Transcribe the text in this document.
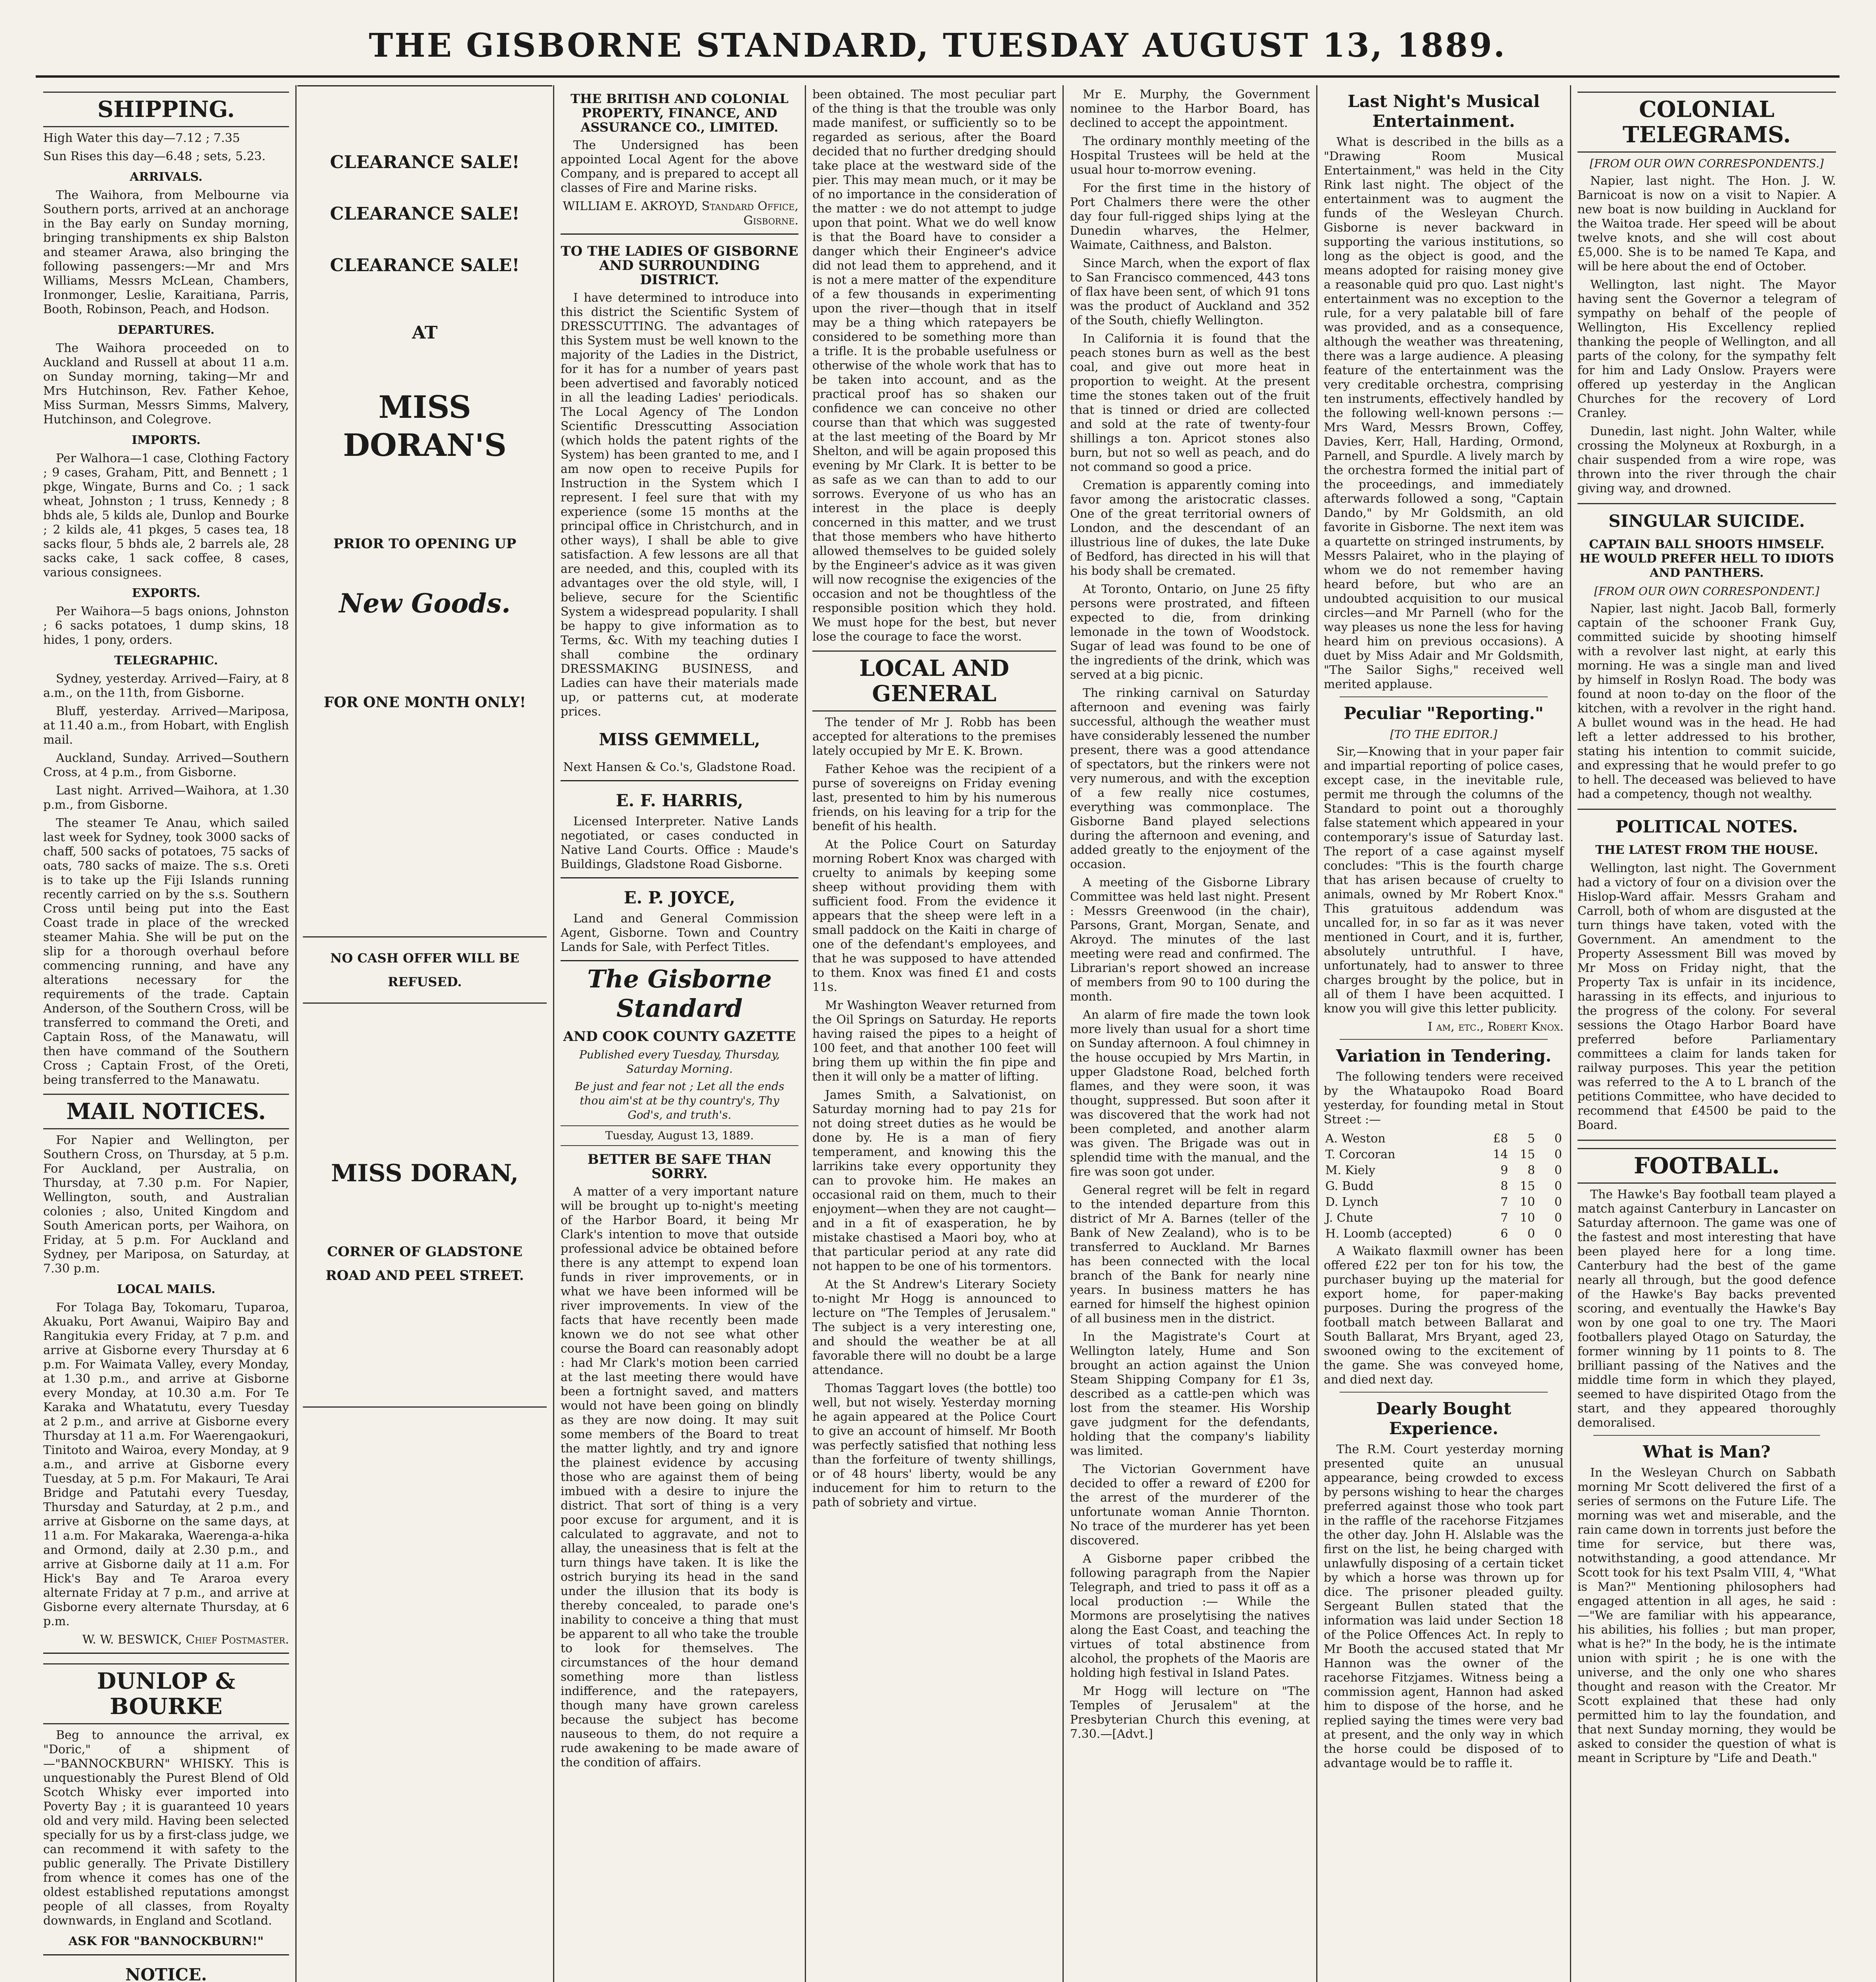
THE GISBORNE STANDARD, TUESDAY AUGUST 13, 1889.
SHIPPING.

High Water this day—7.12 ; 7.35

Sun Rises this day—6.48 ; sets, 5.23.

ARRIVALS.

The Waihora, from Melbourne via Southern ports, arrived at an anchorage in the Bay early on Sunday morning, bringing transhipments ex ship Balston and steamer Arawa, also bringing the following passengers:—Mr and Mrs Williams, Messrs McLean, Chambers, Ironmonger, Leslie, Karaitiana, Parris, Booth, Robinson, Peach, and Hodson.

DEPARTURES.

The Waihora proceeded on to Auckland and Russell at about 11 a.m. on Sunday morning, taking—Mr and Mrs Hutchinson, Rev. Father Kehoe, Miss Surman, Messrs Simms, Malvery, Hutchinson, and Colegrove.

IMPORTS.

Per Walhora—1 case, Clothing Factory ; 9 cases, Graham, Pitt, and Bennett ; 1 pkge, Wingate, Burns and Co. ; 1 sack wheat, Johnston ; 1 truss, Kennedy ; 8 bhds ale, 5 kilds ale, Dunlop and Bourke ; 2 kilds ale, 41 pkges, 5 cases tea, 18 sacks flour, 5 bhds ale, 2 barrels ale, 28 sacks cake, 1 sack coffee, 8 cases, various consignees.

EXPORTS.

Per Waihora—5 bags onions, Johnston ; 6 sacks potatoes, 1 dump skins, 18 hides, 1 pony, orders.

TELEGRAPHIC.

Sydney, yesterday. Arrived—Fairy, at 8 a.m., on the 11th, from Gisborne.

Bluff, yesterday. Arrived—Mariposa, at 11.40 a.m., from Hobart, with English mail.

Auckland, Sunday. Arrived—Southern Cross, at 4 p.m., from Gisborne.

Last night. Arrived—Waihora, at 1.30 p.m., from Gisborne.

The steamer Te Anau, which sailed last week for Sydney, took 3000 sacks of chaff, 500 sacks of potatoes, 75 sacks of oats, 780 sacks of maize. The s.s. Oreti is to take up the Fiji Islands running recently carried on by the s.s. Southern Cross until being put into the East Coast trade in place of the wrecked steamer Mahia. She will be put on the slip for a thorough overhaul before commencing running, and have any alterations necessary for the requirements of the trade. Captain Anderson, of the Southern Cross, will be transferred to command the Oreti, and Captain Ross, of the Manawatu, will then have command of the Southern Cross ; Captain Frost, of the Oreti, being transferred to the Manawatu.

MAIL NOTICES.

For Napier and Wellington, per Southern Cross, on Thursday, at 5 p.m. For Auckland, per Australia, on Thursday, at 7.30 p.m. For Napier, Wellington, south, and Australian colonies ; also, United Kingdom and South American ports, per Waihora, on Friday, at 5 p.m. For Auckland and Sydney, per Mariposa, on Saturday, at 7.30 p.m.

LOCAL MAILS.

For Tolaga Bay, Tokomaru, Tuparoa, Akuaku, Port Awanui, Waipiro Bay and Rangitukia every Friday, at 7 p.m. and arrive at Gisborne every Thursday at 6 p.m. For Waimata Valley, every Monday, at 1.30 p.m., and arrive at Gisborne every Monday, at 10.30 a.m. For Te Karaka and Whatatutu, every Tuesday at 2 p.m., and arrive at Gisborne every Thursday at 11 a.m. For Waerengaokuri, Tinitoto and Wairoa, every Monday, at 9 a.m., and arrive at Gisborne every Tuesday, at 5 p.m. For Makauri, Te Arai Bridge and Patutahi every Tuesday, Thursday and Saturday, at 2 p.m., and arrive at Gisborne on the same days, at 11 a.m. For Makaraka, Waerenga-a-hika and Ormond, daily at 2.30 p.m., and arrive at Gisborne daily at 11 a.m. For Hick's Bay and Te Araroa every alternate Friday at 7 p.m., and arrive at Gisborne every alternate Thursday, at 6 p.m.

W. W. BESWICK, Chief Postmaster.
DUNLOP & BOURKE

Beg to announce the arrival, ex "Doric," of a shipment of—"BANNOCKBURN" WHISKY. This is unquestionably the Purest Blend of Old Scotch Whisky ever imported into Poverty Bay ; it is guaranteed 10 years old and very mild. Having been selected specially for us by a first-class judge, we can recommend it with safety to the public generally. The Private Distillery from whence it comes has one of the oldest established reputations amongst people of all classes, from Royalty downwards, in England and Scotland.

ASK FOR "BANNOCKBURN!"
NOTICE.

CLEARANCE SALE!
CLEARANCE SALE!
CLEARANCE SALE!
AT
MISS DORAN'S
PRIOR TO OPENING UP
New Goods.
FOR ONE MONTH ONLY!
NO CASH OFFER WILL BE REFUSED.
MISS DORAN,
CORNER OF GLADSTONE ROAD AND PEEL STREET.
THE BRITISH AND COLONIAL PROPERTY, FINANCE, AND ASSURANCE CO., LIMITED.

The Undersigned has been appointed Local Agent for the above Company, and is prepared to accept all classes of Fire and Marine risks.

WILLIAM E. AKROYD, Standard Office, Gisborne.
TO THE LADIES OF GISBORNE AND SURROUNDING DISTRICT.

I have determined to introduce into this district the Scientific System of DRESSCUTTING. The advantages of this System must be well known to the majority of the Ladies in the District, for it has for a number of years past been advertised and favorably noticed in all the leading Ladies' periodicals. The Local Agency of The London Scientific Dresscutting Association (which holds the patent rights of the System) has been granted to me, and I am now open to receive Pupils for Instruction in the System which I represent. I feel sure that with my experience (some 15 months at the principal office in Christchurch, and in other ways), I shall be able to give satisfaction. A few lessons are all that are needed, and this, coupled with its advantages over the old style, will, I believe, secure for the Scientific System a widespread popularity. I shall be happy to give information as to Terms, &c. With my teaching duties I shall combine the ordinary DRESSMAKING BUSINESS, and Ladies can have their materials made up, or patterns cut, at moderate prices.

MISS GEMMELL,

Next Hansen & Co.'s, Gladstone Road.

E. F. HARRIS,

Licensed Interpreter. Native Lands negotiated, or cases conducted in Native Land Courts. Office : Maude's Buildings, Gladstone Road Gisborne.

E. P. JOYCE,

Land and General Commission Agent, Gisborne. Town and Country Lands for Sale, with Perfect Titles.

The Gisborne Standard
AND COOK COUNTY GAZETTE
Published every Tuesday, Thursday, Saturday Morning.
Be just and fear not ; Let all the ends thou aim'st at be thy country's, Thy God's, and truth's.
Tuesday, August 13, 1889.
BETTER BE SAFE THAN SORRY.

A matter of a very important nature will be brought up to-night's meeting of the Harbor Board, it being Mr Clark's intention to move that outside professional advice be obtained before there is any attempt to expend loan funds in river improvements, or in what we have been informed will be river improvements. In view of the facts that have recently been made known we do not see what other course the Board can reasonably adopt : had Mr Clark's motion been carried at the last meeting there would have been a fortnight saved, and matters would not have been going on blindly as they are now doing. It may suit some members of the Board to treat the matter lightly, and try and ignore the plainest evidence by accusing those who are against them of being imbued with a desire to injure the district. That sort of thing is a very poor excuse for argument, and it is calculated to aggravate, and not to allay, the uneasiness that is felt at the turn things have taken. It is like the ostrich burying its head in the sand under the illusion that its body is thereby concealed, to parade one's inability to conceive a thing that must be apparent to all who take the trouble to look for themselves. The circumstances of the hour demand something more than listless indifference, and the ratepayers, though many have grown careless because the subject has become nauseous to them, do not require a rude awakening to be made aware of the condition of affairs.

been obtained. The most peculiar part of the thing is that the trouble was only made manifest, or sufficiently so to be regarded as serious, after the Board decided that no further dredging should take place at the westward side of the pier. This may mean much, or it may be of no importance in the consideration of the matter : we do not attempt to judge upon that point. What we do well know is that the Board have to consider a danger which their Engineer's advice did not lead them to apprehend, and it is not a mere matter of the expenditure of a few thousands in experimenting upon the river—though that in itself may be a thing which ratepayers be considered to be something more than a trifle. It is the probable usefulness or otherwise of the whole work that has to be taken into account, and as the practical proof has so shaken our confidence we can conceive no other course than that which was suggested at the last meeting of the Board by Mr Shelton, and will be again proposed this evening by Mr Clark. It is better to be as safe as we can than to add to our sorrows. Everyone of us who has an interest in the place is deeply concerned in this matter, and we trust that those members who have hitherto allowed themselves to be guided solely by the Engineer's advice as it was given will now recognise the exigencies of the occasion and not be thoughtless of the responsible position which they hold. We must hope for the best, but never lose the courage to face the worst.

LOCAL AND GENERAL

The tender of Mr J. Robb has been accepted for alterations to the premises lately occupied by Mr E. K. Brown.

Father Kehoe was the recipient of a purse of sovereigns on Friday evening last, presented to him by his numerous friends, on his leaving for a trip for the benefit of his health.

At the Police Court on Saturday morning Robert Knox was charged with cruelty to animals by keeping some sheep without providing them with sufficient food. From the evidence it appears that the sheep were left in a small paddock on the Kaiti in charge of one of the defendant's employees, and that he was supposed to have attended to them. Knox was fined £1 and costs 11s.

Mr Washington Weaver returned from the Oil Springs on Saturday. He reports having raised the pipes to a height of 100 feet, and that another 100 feet will bring them up within the fin pipe and then it will only be a matter of lifting.

James Smith, a Salvationist, on Saturday morning had to pay 21s for not doing street duties as he would be done by. He is a man of fiery temperament, and knowing this the larrikins take every opportunity they can to provoke him. He makes an occasional raid on them, much to their enjoyment—when they are not caught—and in a fit of exasperation, he by mistake chastised a Maori boy, who at that particular period at any rate did not happen to be one of his tormentors.

At the St Andrew's Literary Society to-night Mr Hogg is announced to lecture on "The Temples of Jerusalem." The subject is a very interesting one, and should the weather be at all favorable there will no doubt be a large attendance.

Thomas Taggart loves (the bottle) too well, but not wisely. Yesterday morning he again appeared at the Police Court to give an account of himself. Mr Booth was perfectly satisfied that nothing less than the forfeiture of twenty shillings, or of 48 hours' liberty, would be any inducement for him to return to the path of sobriety and virtue.

Mr E. Murphy, the Government nominee to the Harbor Board, has declined to accept the appointment.

The ordinary monthly meeting of the Hospital Trustees will be held at the usual hour to-morrow evening.

For the first time in the history of Port Chalmers there were the other day four full-rigged ships lying at the Dunedin wharves, the Helmer, Waimate, Caithness, and Balston.

Since March, when the export of flax to San Francisco commenced, 443 tons of flax have been sent, of which 91 tons was the product of Auckland and 352 of the South, chiefly Wellington.

In California it is found that the peach stones burn as well as the best coal, and give out more heat in proportion to weight. At the present time the stones taken out of the fruit that is tinned or dried are collected and sold at the rate of twenty-four shillings a ton. Apricot stones also burn, but not so well as peach, and do not command so good a price.

Cremation is apparently coming into favor among the aristocratic classes. One of the great territorial owners of London, and the descendant of an illustrious line of dukes, the late Duke of Bedford, has directed in his will that his body shall be cremated.

At Toronto, Ontario, on June 25 fifty persons were prostrated, and fifteen expected to die, from drinking lemonade in the town of Woodstock. Sugar of lead was found to be one of the ingredients of the drink, which was served at a big picnic.

The rinking carnival on Saturday afternoon and evening was fairly successful, although the weather must have considerably lessened the number present, there was a good attendance of spectators, but the rinkers were not very numerous, and with the exception of a few really nice costumes, everything was commonplace. The Gisborne Band played selections during the afternoon and evening, and added greatly to the enjoyment of the occasion.

A meeting of the Gisborne Library Committee was held last night. Present : Messrs Greenwood (in the chair), Parsons, Grant, Morgan, Senate, and Akroyd. The minutes of the last meeting were read and confirmed. The Librarian's report showed an increase of members from 90 to 100 during the month.

An alarm of fire made the town look more lively than usual for a short time on Sunday afternoon. A foul chimney in the house occupied by Mrs Martin, in upper Gladstone Road, belched forth flames, and they were soon, it was thought, suppressed. But soon after it was discovered that the work had not been completed, and another alarm was given. The Brigade was out in splendid time with the manual, and the fire was soon got under.

General regret will be felt in regard to the intended departure from this district of Mr A. Barnes (teller of the Bank of New Zealand), who is to be transferred to Auckland. Mr Barnes has been connected with the local branch of the Bank for nearly nine years. In business matters he has earned for himself the highest opinion of all business men in the district.

In the Magistrate's Court at Wellington lately, Hume and Son brought an action against the Union Steam Shipping Company for £1 3s, described as a cattle-pen which was lost from the steamer. His Worship gave judgment for the defendants, holding that the company's liability was limited.

The Victorian Government have decided to offer a reward of £200 for the arrest of the murderer of the unfortunate woman Annie Thornton. No trace of the murderer has yet been discovered.

A Gisborne paper cribbed the following paragraph from the Napier Telegraph, and tried to pass it off as a local production :— While the Mormons are proselytising the natives along the East Coast, and teaching the virtues of total abstinence from alcohol, the prophets of the Maoris are holding high festival in Island Pates.

Mr Hogg will lecture on "The Temples of Jerusalem" at the Presbyterian Church this evening, at 7.30.—[Advt.]

Last Night's Musical Entertainment.

What is described in the bills as a "Drawing Room Musical Entertainment," was held in the City Rink last night. The object of the entertainment was to augment the funds of the Wesleyan Church. Gisborne is never backward in supporting the various institutions, so long as the object is good, and the means adopted for raising money give a reasonable quid pro quo. Last night's entertainment was no exception to the rule, for a very palatable bill of fare was provided, and as a consequence, although the weather was threatening, there was a large audience. A pleasing feature of the entertainment was the very creditable orchestra, comprising ten instruments, effectively handled by the following well-known persons :—Mrs Ward, Messrs Brown, Coffey, Davies, Kerr, Hall, Harding, Ormond, Parnell, and Spurdle. A lively march by the orchestra formed the initial part of the proceedings, and immediately afterwards followed a song, "Captain Dando," by Mr Goldsmith, an old favorite in Gisborne. The next item was a quartette on stringed instruments, by Messrs Palairet, who in the playing of whom we do not remember having heard before, but who are an undoubted acquisition to our musical circles—and Mr Parnell (who for the way pleases us none the less for having heard him on previous occasions). A duet by Miss Adair and Mr Goldsmith, "The Sailor Sighs," received well merited applause.

Peculiar "Reporting."
[TO THE EDITOR.]

Sir,—Knowing that in your paper fair and impartial reporting of police cases, except case, in the inevitable rule, permit me through the columns of the Standard to point out a thoroughly false statement which appeared in your contemporary's issue of Saturday last. The report of a case against myself concludes: "This is the fourth charge that has arisen because of cruelty to animals, owned by Mr Robert Knox." This gratuitous addendum was uncalled for, in so far as it was never mentioned in Court, and it is, further, absolutely untruthful. I have, unfortunately, had to answer to three charges brought by the police, but in all of them I have been acquitted. I know you will give this letter publicity.

I am, etc., Robert Knox.
Variation in Tendering.

The following tenders were received by the Whataupoko Road Board yesterday, for founding metal in Stout Street :—

A. Weston	£8	5	0
T. Corcoran	14	15	0
M. Kiely	9	8	0
G. Budd	8	15	0
D. Lynch	7	10	0
J. Chute	7	10	0
H. Loomb (accepted)	6	0	0

A Waikato flaxmill owner has been offered £22 per ton for his tow, the purchaser buying up the material for export home, for paper-making purposes. During the progress of the football match between Ballarat and South Ballarat, Mrs Bryant, aged 23, swooned owing to the excitement of the game. She was conveyed home, and died next day.

Dearly Bought Experience.

The R.M. Court yesterday morning presented quite an unusual appearance, being crowded to excess by persons wishing to hear the charges preferred against those who took part in the raffle of the racehorse Fitzjames the other day. John H. Alslable was the first on the list, he being charged with unlawfully disposing of a certain ticket by which a horse was thrown up for dice. The prisoner pleaded guilty. Sergeant Bullen stated that the information was laid under Section 18 of the Police Offences Act. In reply to Mr Booth the accused stated that Mr Hannon was the owner of the racehorse Fitzjames. Witness being a commission agent, Hannon had asked him to dispose of the horse, and he replied saying the times were very bad at present, and the only way in which the horse could be disposed of to advantage would be to raffle it.

COLONIAL TELEGRAMS.
[FROM OUR OWN CORRESPONDENTS.]

Napier, last night. The Hon. J. W. Barnicoat is now on a visit to Napier. A new boat is now building in Auckland for the Waitoa trade. Her speed will be about twelve knots, and she will cost about £5,000. She is to be named Te Kapa, and will be here about the end of October.

Wellington, last night. The Mayor having sent the Governor a telegram of sympathy on behalf of the people of Wellington, His Excellency replied thanking the people of Wellington, and all parts of the colony, for the sympathy felt for him and Lady Onslow. Prayers were offered up yesterday in the Anglican Churches for the recovery of Lord Cranley.

Dunedin, last night. John Walter, while crossing the Molyneux at Roxburgh, in a chair suspended from a wire rope, was thrown into the river through the chair giving way, and drowned.

SINGULAR SUICIDE.
CAPTAIN BALL SHOOTS HIMSELF. HE WOULD PREFER HELL TO IDIOTS AND PANTHERS.
[FROM OUR OWN CORRESPONDENT.]

Napier, last night. Jacob Ball, formerly captain of the schooner Frank Guy, committed suicide by shooting himself with a revolver last night, at early this morning. He was a single man and lived by himself in Roslyn Road. The body was found at noon to-day on the floor of the kitchen, with a revolver in the right hand. A bullet wound was in the head. He had left a letter addressed to his brother, stating his intention to commit suicide, and expressing that he would prefer to go to hell. The deceased was believed to have had a competency, though not wealthy.

POLITICAL NOTES.
THE LATEST FROM THE HOUSE.

Wellington, last night. The Government had a victory of four on a division over the Hislop-Ward affair. Messrs Graham and Carroll, both of whom are disgusted at the turn things have taken, voted with the Government. An amendment to the Property Assessment Bill was moved by Mr Moss on Friday night, that the Property Tax is unfair in its incidence, harassing in its effects, and injurious to the progress of the colony. For several sessions the Otago Harbor Board have preferred before Parliamentary committees a claim for lands taken for railway purposes. This year the petition was referred to the A to L branch of the petitions Committee, who have decided to recommend that £4500 be paid to the Board.

FOOTBALL.

The Hawke's Bay football team played a match against Canterbury in Lancaster on Saturday afternoon. The game was one of the fastest and most interesting that have been played here for a long time. Canterbury had the best of the game nearly all through, but the good defence of the Hawke's Bay backs prevented scoring, and eventually the Hawke's Bay won by one goal to one try. The Maori footballers played Otago on Saturday, the former winning by 11 points to 8. The brilliant passing of the Natives and the middle time form in which they played, seemed to have dispirited Otago from the start, and they appeared thoroughly demoralised.

What is Man?

In the Wesleyan Church on Sabbath morning Mr Scott delivered the first of a series of sermons on the Future Life. The morning was wet and miserable, and the rain came down in torrents just before the time for service, but there was, notwithstanding, a good attendance. Mr Scott took for his text Psalm VIII, 4, "What is Man?" Mentioning philosophers had engaged attention in all ages, he said :—"We are familiar with his appearance, his abilities, his follies ; but man proper, what is he?" In the body, he is the intimate union with spirit ; he is one with the universe, and the only one who shares thought and reason with the Creator. Mr Scott explained that these had only permitted him to lay the foundation, and that next Sunday morning, they would be asked to consider the question of what is meant in Scripture by "Life and Death."
